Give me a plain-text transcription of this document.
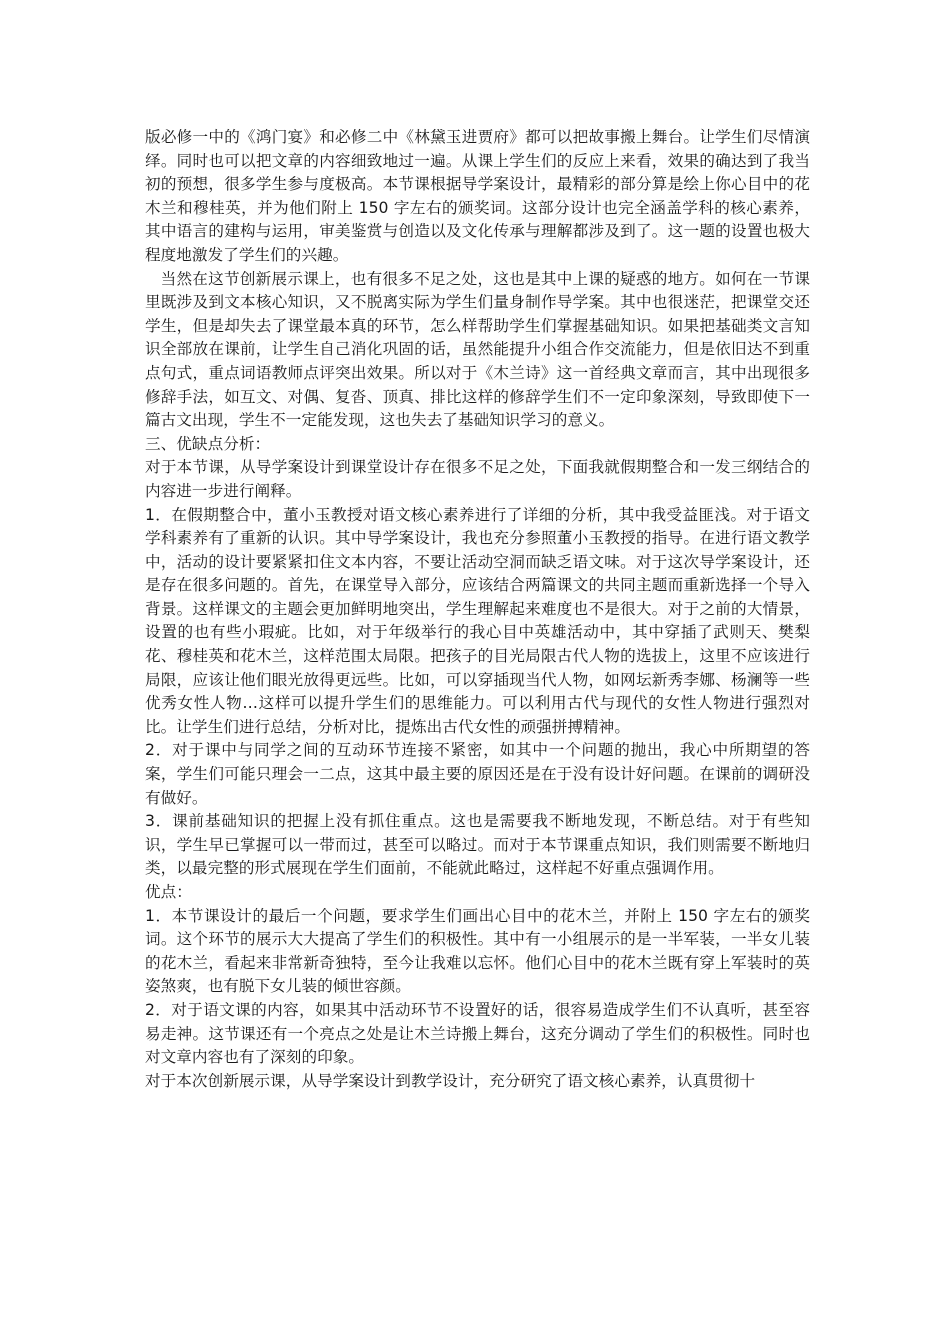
版必修一中的《鸿门宴》和必修二中《林黛玉进贾府》都可以把故事搬上舞台。让学生们尽情演绎。同时也可以把文章的内容细致地过一遍。从课上学生们的反应上来看，效果的确达到了我当初的预想，很多学生参与度极高。本节课根据导学案设计，最精彩的部分算是绘上你心目中的花木兰和穆桂英，并为他们附上 150 字左右的颁奖词。这部分设计也完全涵盖学科的核心素养，其中语言的建构与运用，审美鉴赏与创造以及文化传承与理解都涉及到了。这一题的设置也极大程度地激发了学生们的兴趣。

当然在这节创新展示课上，也有很多不足之处，这也是其中上课的疑惑的地方。如何在一节课里既涉及到文本核心知识，又不脱离实际为学生们量身制作导学案。其中也很迷茫，把课堂交还学生，但是却失去了课堂最本真的环节，怎么样帮助学生们掌握基础知识。如果把基础类文言知识全部放在课前，让学生自己消化巩固的话，虽然能提升小组合作交流能力，但是依旧达不到重点句式，重点词语教师点评突出效果。所以对于《木兰诗》这一首经典文章而言，其中出现很多修辞手法，如互文、对偶、复沓、顶真、排比这样的修辞学生们不一定印象深刻，导致即使下一篇古文出现，学生不一定能发现，这也失去了基础知识学习的意义。

三、优缺点分析：

对于本节课，从导学案设计到课堂设计存在很多不足之处，下面我就假期整合和一发三纲结合的内容进一步进行阐释。

1．在假期整合中，董小玉教授对语文核心素养进行了详细的分析，其中我受益匪浅。对于语文学科素养有了重新的认识。其中导学案设计，我也充分参照董小玉教授的指导。在进行语文教学中，活动的设计要紧紧扣住文本内容，不要让活动空洞而缺乏语文味。对于这次导学案设计，还是存在很多问题的。首先，在课堂导入部分，应该结合两篇课文的共同主题而重新选择一个导入背景。这样课文的主题会更加鲜明地突出，学生理解起来难度也不是很大。对于之前的大情景，设置的也有些小瑕疵。比如，对于年级举行的我心目中英雄活动中，其中穿插了武则天、樊梨花、穆桂英和花木兰，这样范围太局限。把孩子的目光局限古代人物的选拔上，这里不应该进行局限，应该让他们眼光放得更远些。比如，可以穿插现当代人物，如网坛新秀李娜、杨澜等一些优秀女性人物…这样可以提升学生们的思维能力。可以利用古代与现代的女性人物进行强烈对比。让学生们进行总结，分析对比，提炼出古代女性的顽强拼搏精神。

2．对于课中与同学之间的互动环节连接不紧密，如其中一个问题的抛出，我心中所期望的答案，学生们可能只理会一二点，这其中最主要的原因还是在于没有设计好问题。在课前的调研没有做好。

3．课前基础知识的把握上没有抓住重点。这也是需要我不断地发现，不断总结。对于有些知识，学生早已掌握可以一带而过，甚至可以略过。而对于本节课重点知识，我们则需要不断地归类，以最完整的形式展现在学生们面前，不能就此略过，这样起不好重点强调作用。

优点：

1．本节课设计的最后一个问题，要求学生们画出心目中的花木兰，并附上 150 字左右的颁奖词。这个环节的展示大大提高了学生们的积极性。其中有一小组展示的是一半军装，一半女儿装的花木兰，看起来非常新奇独特，至今让我难以忘怀。他们心目中的花木兰既有穿上军装时的英姿煞爽，也有脱下女儿装的倾世容颜。

2．对于语文课的内容，如果其中活动环节不设置好的话，很容易造成学生们不认真听，甚至容易走神。这节课还有一个亮点之处是让木兰诗搬上舞台，这充分调动了学生们的积极性。同时也对文章内容也有了深刻的印象。

对于本次创新展示课，从导学案设计到教学设计，充分研究了语文核心素养，认真贯彻十
